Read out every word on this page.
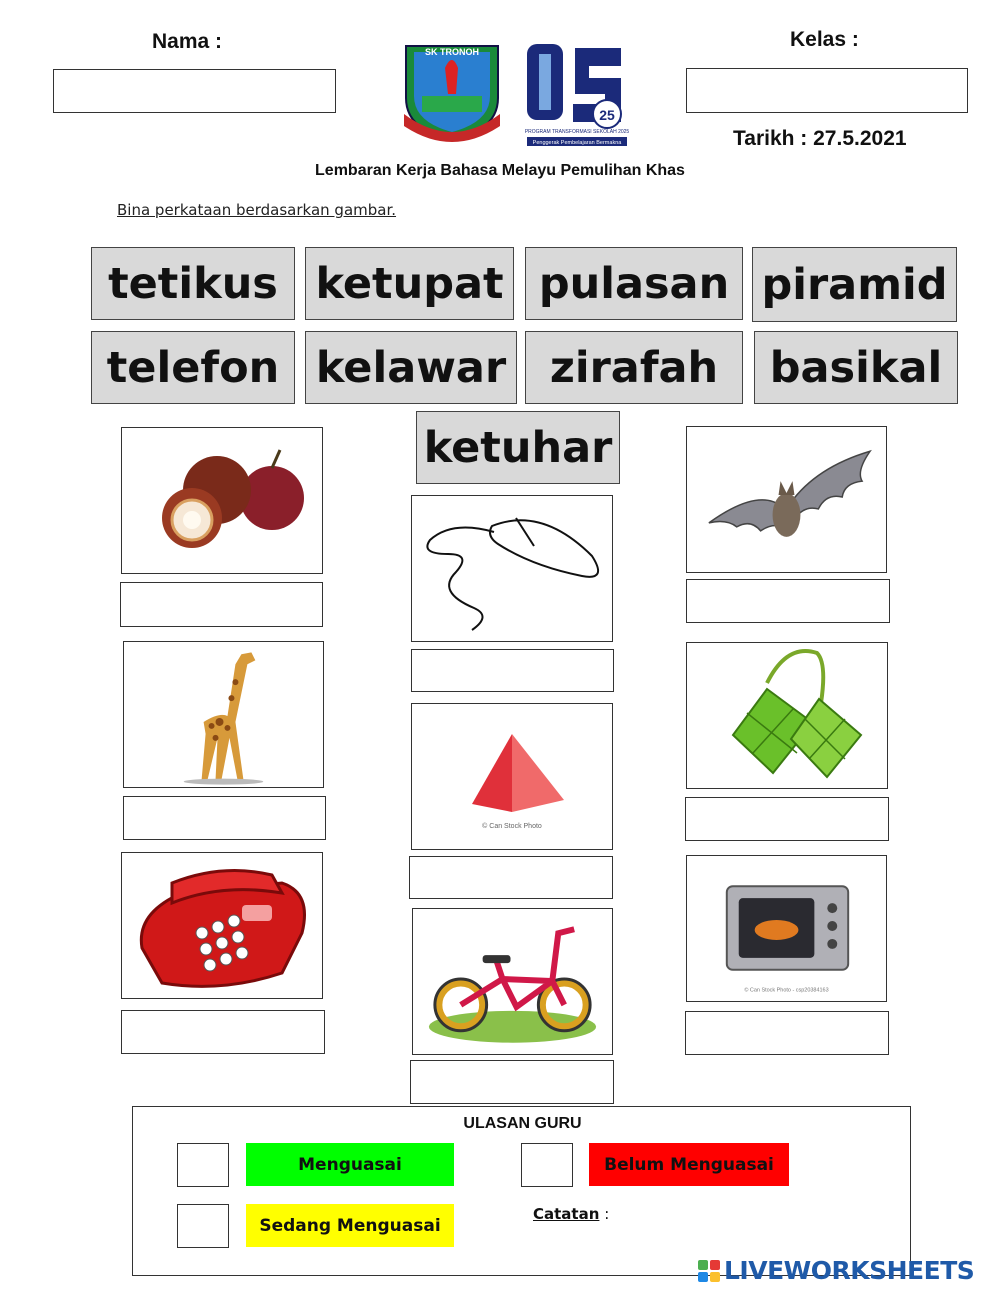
Nama :	Kelas :
Tarikh : 27.5.2021
SK TRONOH
25
PROGRAM TRANSFORMASI SEKOLAH 2025
Penggerak Pembelajaran Bermakna
Lembaran Kerja Bahasa Melayu Pemulihan Khas
Bina perkataan berdasarkan gambar.
tetikus ketupat pulasan piramid
telefon kelawar	zirafah	basikal
ketuhar
© Can Stock Photo
© Can Stock Photo - csp20384163
ULASAN GURU
Menguasai	Belum Menguasai
Sedang Menguasai
Catatan :
LIVEWORKSHEETS
